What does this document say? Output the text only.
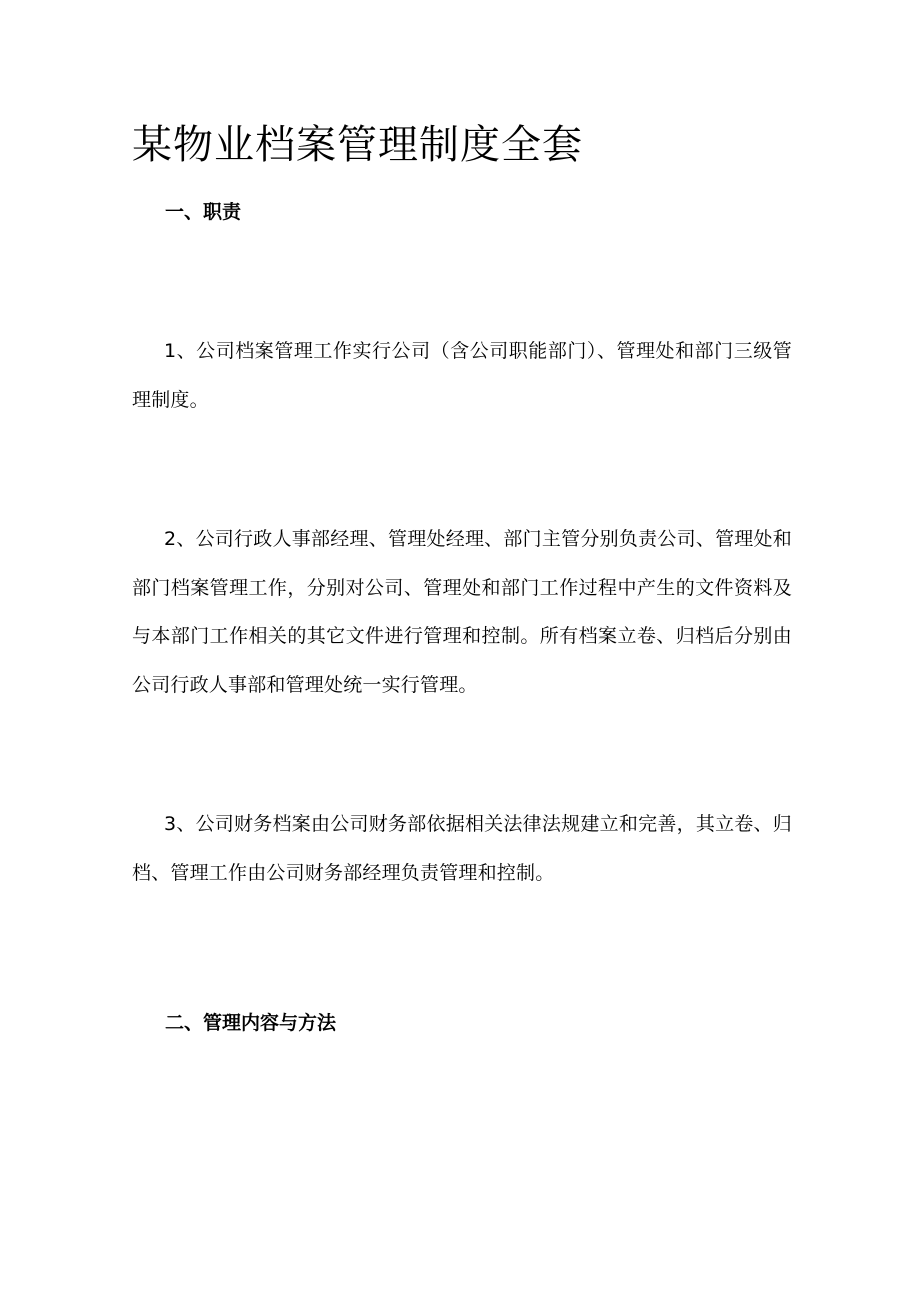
某物业档案管理制度全套
一、职责

1、公司档案管理工作实行公司（含公司职能部门）、管理处和部门三级管理制度。

2、公司行政人事部经理、管理处经理、部门主管分别负责公司、管理处和部门档案管理工作，分别对公司、管理处和部门工作过程中产生的文件资料及与本部门工作相关的其它文件进行管理和控制。所有档案立卷、归档后分别由公司行政人事部和管理处统一实行管理。

3、公司财务档案由公司财务部依据相关法律法规建立和完善，其立卷、归档、管理工作由公司财务部经理负责管理和控制。

二、管理内容与方法
